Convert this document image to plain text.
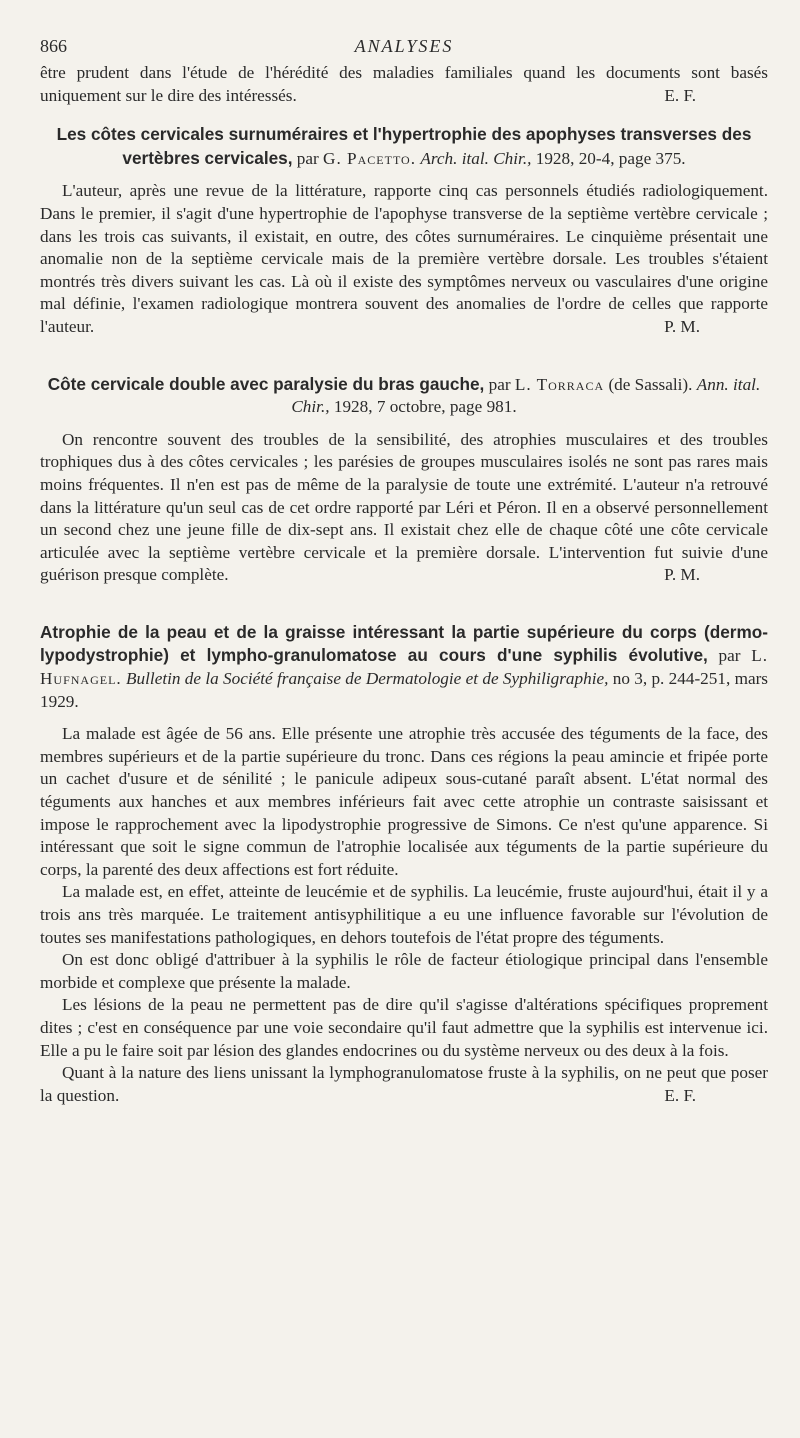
866	ANALYSES

être prudent dans l'étude de l'hérédité des maladies familiales quand les documents sont basés uniquement sur le dire des intéressés.	E. F.

Les côtes cervicales surnuméraires et l'hypertrophie des apophyses transverses des vertèbres cervicales, par G. Pacetto. Arch. ital. Chir., 1928, 20-4, page 375.

L'auteur, après une revue de la littérature, rapporte cinq cas personnels étudiés radiologiquement. Dans le premier, il s'agit d'une hypertrophie de l'apophyse transverse de la septième vertèbre cervicale ; dans les trois cas suivants, il existait, en outre, des côtes surnuméraires. Le cinquième présentait une anomalie non de la septième cervicale mais de la première vertèbre dorsale. Les troubles s'étaient montrés très divers suivant les cas. Là où il existe des symptômes nerveux ou vasculaires d'une origine mal définie, l'examen radiologique montrera souvent des anomalies de l'ordre de celles que rapporte l'auteur.	P. M.

Côte cervicale double avec paralysie du bras gauche, par L. Torraca (de Sassali). Ann. ital. Chir., 1928, 7 octobre, page 981.

On rencontre souvent des troubles de la sensibilité, des atrophies musculaires et des troubles trophiques dus à des côtes cervicales ; les parésies de groupes musculaires isolés ne sont pas rares mais moins fréquentes. Il n'en est pas de même de la paralysie de toute une extrémité. L'auteur n'a retrouvé dans la littérature qu'un seul cas de cet ordre rapporté par Léri et Péron. Il en a observé personnellement un second chez une jeune fille de dix-sept ans. Il existait chez elle de chaque côté une côte cervicale articulée avec la septième vertèbre cervicale et la première dorsale. L'intervention fut suivie d'une guérison presque complète.	P. M.

Atrophie de la peau et de la graisse intéressant la partie supérieure du corps (dermo-lypodystrophie) et lympho-granulomatose au cours d'une syphilis évolutive, par L. Hufnagel. Bulletin de la Société française de Dermatologie et de Syphiligraphie, no 3, p. 244-251, mars 1929.

La malade est âgée de 56 ans. Elle présente une atrophie très accusée des téguments de la face, des membres supérieurs et de la partie supérieure du tronc. Dans ces régions la peau amincie et fripée porte un cachet d'usure et de sénilité ; le panicule adipeux sous-cutané paraît absent. L'état normal des téguments aux hanches et aux membres inférieurs fait avec cette atrophie un contraste saisissant et impose le rapprochement avec la lipodystrophie progressive de Simons. Ce n'est qu'une apparence. Si intéressant que soit le signe commun de l'atrophie localisée aux téguments de la partie supérieure du corps, la parenté des deux affections est fort réduite.

La malade est, en effet, atteinte de leucémie et de syphilis. La leucémie, fruste aujourd'hui, était il y a trois ans très marquée. Le traitement antisyphilitique a eu une influence favorable sur l'évolution de toutes ses manifestations pathologiques, en dehors toutefois de l'état propre des téguments.

On est donc obligé d'attribuer à la syphilis le rôle de facteur étiologique principal dans l'ensemble morbide et complexe que présente la malade.

Les lésions de la peau ne permettent pas de dire qu'il s'agisse d'altérations spécifiques proprement dites ; c'est en conséquence par une voie secondaire qu'il faut admettre que la syphilis est intervenue ici. Elle a pu le faire soit par lésion des glandes endocrines ou du système nerveux ou des deux à la fois.

Quant à la nature des liens unissant la lymphogranulomatose fruste à la syphilis, on ne peut que poser la question.	E. F.
